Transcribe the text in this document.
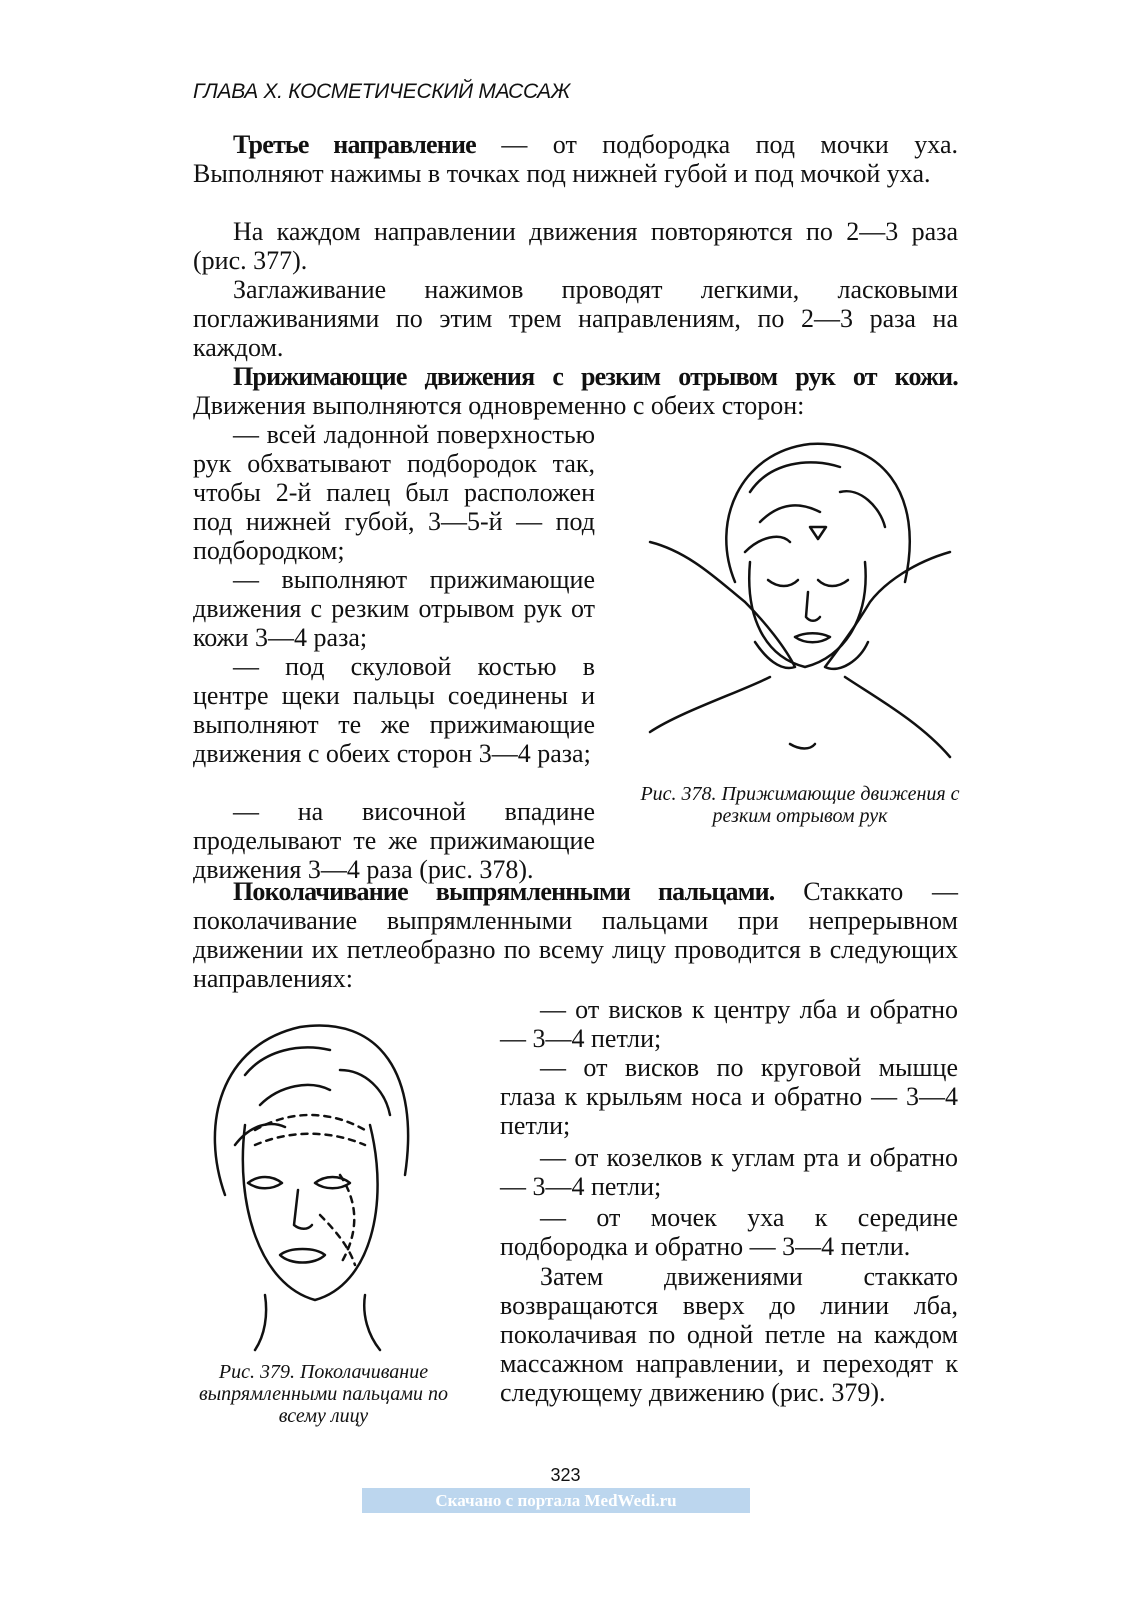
ГЛАВА X. КОСМЕТИЧЕСКИЙ МАССАЖ
Третье направление — от подбородка под мочки уха. Выполняют нажимы в точках под нижней губой и под мочкой уха.
На каждом направлении движения повторяются по 2—3 раза (рис. 377).
Заглаживание нажимов проводят легкими, ласковыми поглаживаниями по этим трем направлениям, по 2—3 раза на каждом.
Прижимающие движения с резким отрывом рук от кожи. Движения выполняются одновременно с обеих сторон:
— всей ладонной поверхностью рук обхватывают подбородок так, чтобы 2-й палец был расположен под нижней губой, 3—5-й — под подбородком;
— выполняют прижимающие движения с резким отрывом рук от кожи 3—4 раза;
— под скуловой костью в центре щеки пальцы соединены и выполняют те же прижимающие движения с обеих сторон 3—4 раза;
— на височной впадине проделывают те же прижимающие движения 3—4 раза (рис. 378).
Рис. 378. Прижимающие движения с резким отрывом рук
Поколачивание выпрямленными пальцами. Стаккато — поколачивание выпрямленными пальцами при непрерывном движении их петлеобразно по всему лицу проводится в следующих направлениях:
Рис. 379. Поколачивание выпрямленными пальцами по всему лицу
— от висков к центру лба и обратно — 3—4 петли;
— от висков по круговой мышце глаза к крыльям носа и обратно — 3—4 петли;
— от козелков к углам рта и обратно — 3—4 петли;
— от мочек уха к середине подбородка и обратно — 3—4 петли.
Затем движениями стаккато возвращаются вверх до линии лба, поколачивая по одной петле на каждом массажном направлении, и переходят к следующему движению (рис. 379).
323
Скачано с портала MedWedi.ru
